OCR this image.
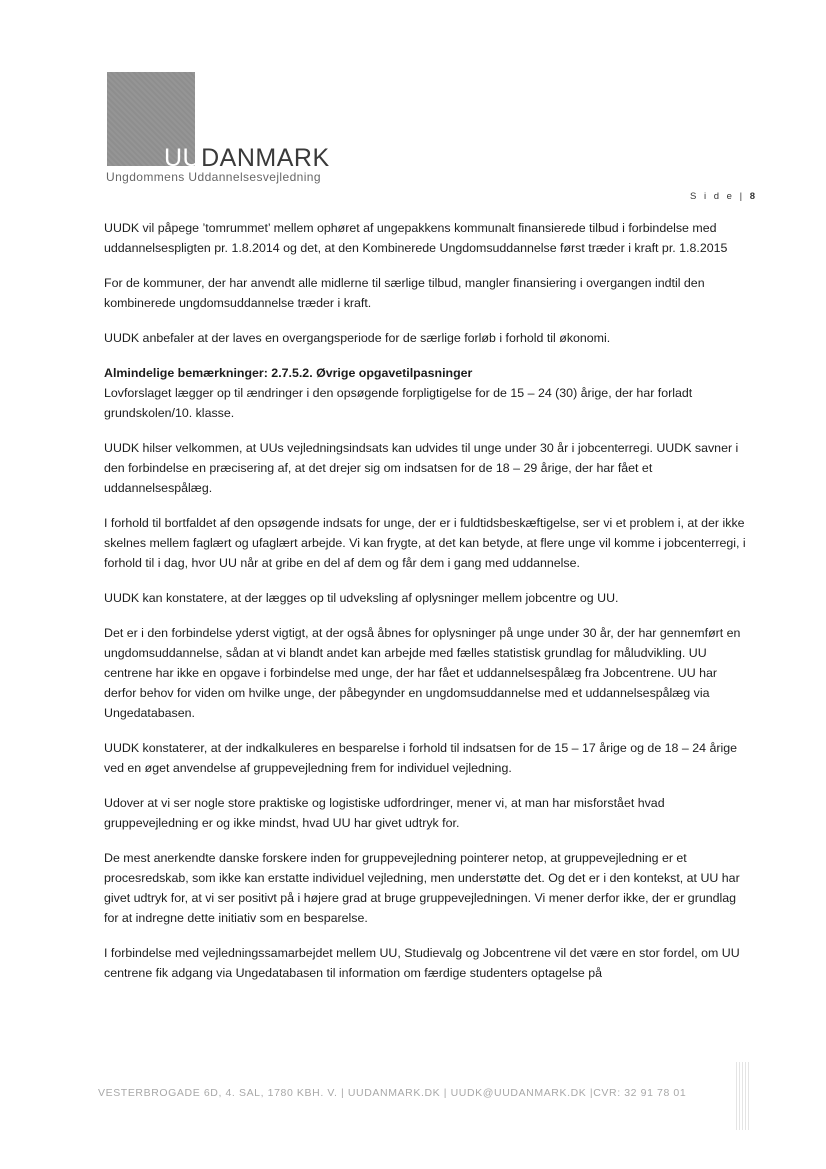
UUDANMARK
Ungdommens Uddannelsesvejledning
S i d e | 8

UUDK vil påpege ’tomrummet’ mellem ophøret af ungepakkens kommunalt finansierede tilbud i forbindelse med uddannelsespligten pr. 1.8.2014 og det, at den Kombinerede Ungdomsuddannelse først træder i kraft pr. 1.8.2015

For de kommuner, der har anvendt alle midlerne til særlige tilbud, mangler finansiering i overgangen indtil den kombinerede ungdomsuddannelse træder i kraft.

UUDK anbefaler at der laves en overgangsperiode for de særlige forløb i forhold til økonomi.

Almindelige bemærkninger: 2.7.5.2. Øvrige opgavetilpasninger
Lovforslaget lægger op til ændringer i den opsøgende forpligtigelse for de 15 – 24 (30) årige, der har forladt grundskolen/10. klasse.

UUDK hilser velkommen, at UUs vejledningsindsats kan udvides til unge under 30 år i jobcenterregi. UUDK savner i den forbindelse en præcisering af, at det drejer sig om indsatsen for de 18 – 29 årige, der har fået et uddannelsespålæg.

I forhold til bortfaldet af den opsøgende indsats for unge, der er i fuldtidsbeskæftigelse, ser vi et problem i, at der ikke skelnes mellem faglært og ufaglært arbejde. Vi kan frygte, at det kan betyde, at flere unge vil komme i jobcenterregi, i forhold til i dag, hvor UU når at gribe en del af dem og får dem i gang med uddannelse.

UUDK kan konstatere, at der lægges op til udveksling af oplysninger mellem jobcentre og UU.

Det er i den forbindelse yderst vigtigt, at der også åbnes for oplysninger på unge under 30 år, der har gennemført en ungdomsuddannelse, sådan at vi blandt andet kan arbejde med fælles statistisk grundlag for måludvikling. UU centrene har ikke en opgave i forbindelse med unge, der har fået et uddannelsespålæg fra Jobcentrene. UU har derfor behov for viden om hvilke unge, der påbegynder en ungdomsuddannelse med et uddannelsespålæg via Ungedatabasen.

UUDK konstaterer, at der indkalkuleres en besparelse i forhold til indsatsen for de 15 – 17 årige og de 18 – 24 årige ved en øget anvendelse af gruppevejledning frem for individuel vejledning.

Udover at vi ser nogle store praktiske og logistiske udfordringer, mener vi, at man har misforstået hvad gruppevejledning er og ikke mindst, hvad UU har givet udtryk for.

De mest anerkendte danske forskere inden for gruppevejledning pointerer netop, at gruppevejledning er et procesredskab, som ikke kan erstatte individuel vejledning, men understøtte det. Og det er i den kontekst, at UU har givet udtryk for, at vi ser positivt på i højere grad at bruge gruppevejledningen. Vi mener derfor ikke, der er grundlag for at indregne dette initiativ som en besparelse.

I forbindelse med vejledningssamarbejdet mellem UU, Studievalg og Jobcentrene vil det være en stor fordel, om UU centrene fik adgang via Ungedatabasen til information om færdige studenters optagelse på

VESTERBROGADE 6D, 4. SAL, 1780 KBH. V. | UUDANMARK.DK | UUDK@UUDANMARK.DK |CVR: 32 91 78 01
